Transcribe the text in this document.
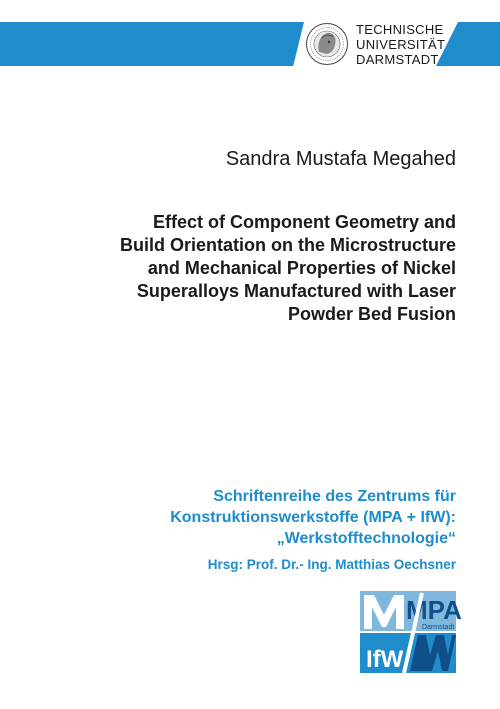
TECHNISCHE
UNIVERSITÄT
DARMSTADT
Sandra Mustafa Megahed
Effect of Component Geometry and
Build Orientation on the Microstructure
and Mechanical Properties of Nickel
Superalloys Manufactured with Laser
Powder Bed Fusion
Schriftenreihe des Zentrums für
Konstruktionswerkstoffe (MPA + IfW):
„Werkstofftechnologie“
Hrsg: Prof. Dr.- Ing. Matthias Oechsner
MPA
Darmstadt
IfW
